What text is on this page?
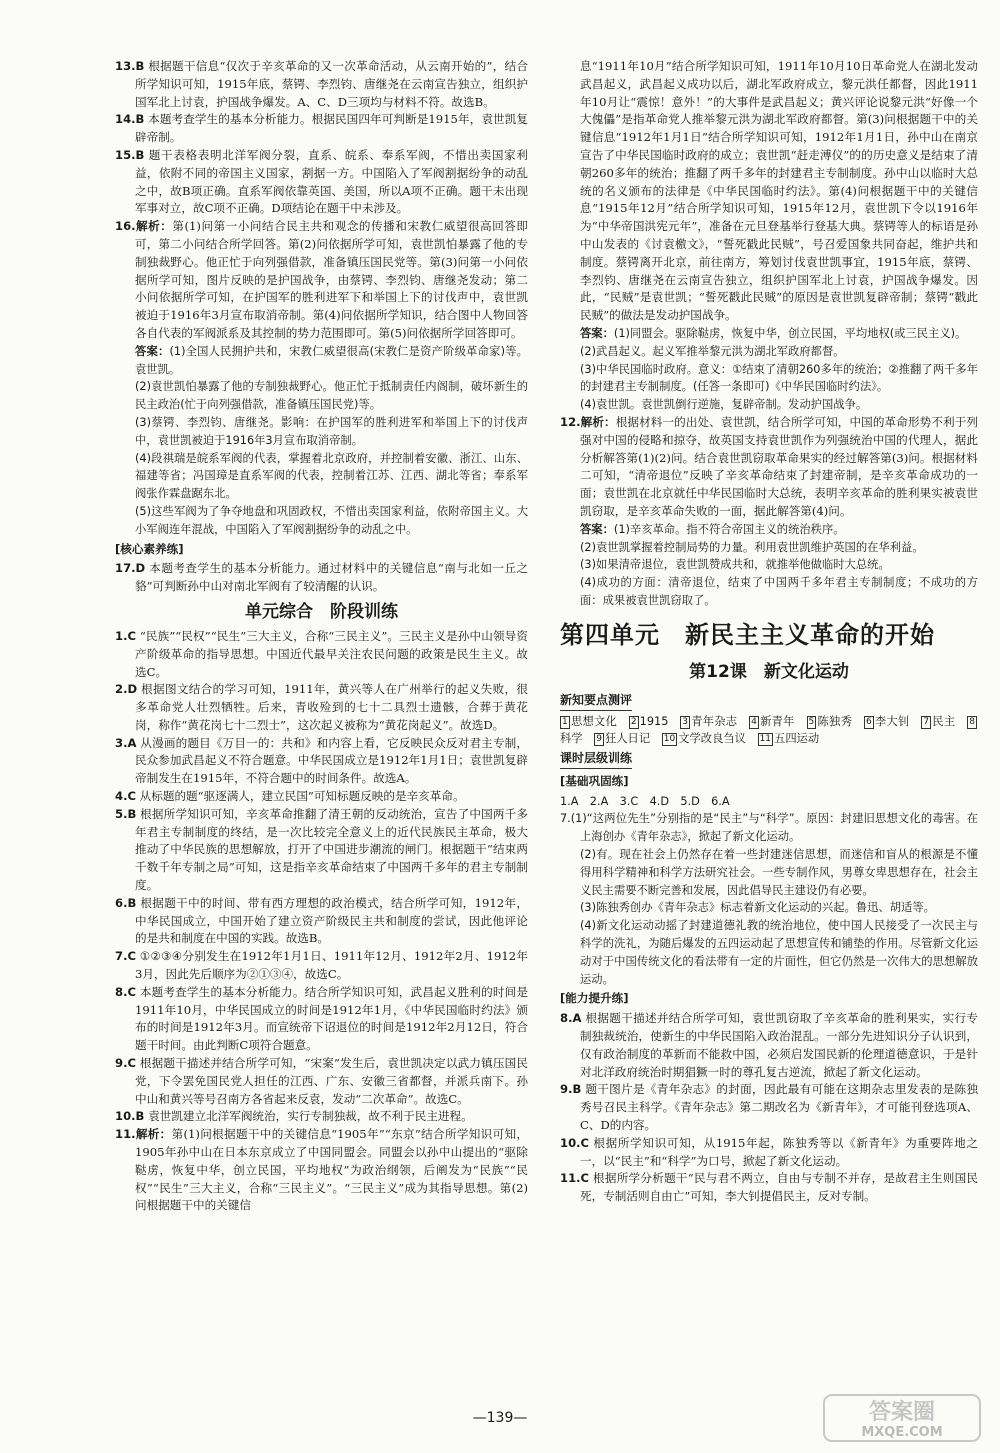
13.B 根据题干信息“仅次于辛亥革命的又一次革命活动，从云南开始的”，结合所学知识可知，1915年底，蔡锷、李烈钧、唐继尧在云南宣告独立，组织护国军北上讨袁，护国战争爆发。A、C、D三项均与材料不符。故选B。

14.B 本题考查学生的基本分析能力。根据民国四年可判断是1915年，袁世凯复辟帝制。

15.B 题干表格表明北洋军阀分裂，直系、皖系、奉系军阀，不惜出卖国家利益，依附不同的帝国主义国家，割据一方。中国陷入了军阀割据纷争的动乱之中，故B项正确。直系军阀依靠英国、美国，所以A项不正确。题干未出现军事对立，故C项不正确。D项结论在题干中未涉及。

16.解析：第(1)问第一小问结合民主共和观念的传播和宋教仁威望很高回答即可，第二小问结合所学回答。第(2)问依据所学可知，袁世凯怕暴露了他的专制独裁野心。他正忙于向列强借款，准备镇压国民党等。第(3)问第一小问依据所学可知，图片反映的是护国战争，由蔡锷、李烈钧、唐继尧发动；第二小问依据所学可知，在护国军的胜利进军下和举国上下的讨伐声中，袁世凯被迫于1916年3月宣布取消帝制。第(4)问依据所学知识，结合图中人物回答各自代表的军阀派系及其控制的势力范围即可。第(5)问依据所学回答即可。

答案：(1)全国人民拥护共和，宋教仁威望很高(宋教仁是资产阶级革命家)等。袁世凯。

(2)袁世凯怕暴露了他的专制独裁野心。他正忙于抵制责任内阁制，破坏新生的民主政治(忙于向列强借款，准备镇压国民党)等。

(3)蔡锷、李烈钧、唐继尧。影响：在护国军的胜利进军和举国上下的讨伐声中，袁世凯被迫于1916年3月宣布取消帝制。

(4)段祺瑞是皖系军阀的代表，掌握着北京政府，并控制着安徽、浙江、山东、福建等省；冯国璋是直系军阀的代表，控制着江苏、江西、湖北等省；奉系军阀张作霖盘踞东北。

(5)这些军阀为了争夺地盘和巩固政权，不惜出卖国家利益，依附帝国主义。大小军阀连年混战，中国陷入了军阀割据纷争的动乱之中。

[核心素养练]

17.D 本题考查学生的基本分析能力。通过材料中的关键信息“南与北如一丘之貉”可判断孙中山对南北军阀有了较清醒的认识。

单元综合　阶段训练

1.C “民族”“民权”“民生”三大主义，合称“三民主义”。三民主义是孙中山领导资产阶级革命的指导思想。中国近代最早关注农民问题的政策是民生主义。故选C。

2.D 根据图文结合的学习可知，1911年，黄兴等人在广州举行的起义失败，很多革命党人壮烈牺牲。后来，青收殓到的七十二具烈士遗骸，合葬于黄花岗，称作“黄花岗七十二烈士”，这次起义被称为“黄花岗起义”。故选D。

3.A 从漫画的题目《万目一的：共和》和内容上看，它反映民众反对君主专制，民众参加武昌起义不符合题意。中华民国成立是1912年1月1日；袁世凯复辟帝制发生在1915年，不符合题中的时间条件。故选A。

4.C 从标题的题“驱逐满人，建立民国”可知标题反映的是辛亥革命。

5.B 根据所学知识可知，辛亥革命推翻了清王朝的反动统治，宣告了中国两千多年君主专制制度的终结，是一次比较完全意义上的近代民族民主革命，极大推动了中华民族的思想解放，打开了中国进步潮流的闸门。根据题干“结束两千数千年专制之局”可知，这是指辛亥革命结束了中国两千多年的君主专制制度。

6.B 根据题干中的时间、带有西方理想的政治模式，结合所学可知，1912年，中华民国成立，中国开始了建立资产阶级民主共和制度的尝试，因此他评论的是共和制度在中国的实践。故选B。

7.C ①②③④分别发生在1912年1月1日、1911年12月、1912年2月、1912年3月，因此先后顺序为②①③④，故选C。

8.C 本题考查学生的基本分析能力。结合所学知识可知，武昌起义胜利的时间是1911年10月，中华民国成立的时间是1912年1月，《中华民国临时约法》颁布的时间是1912年3月。而宣统帝下诏退位的时间是1912年2月12日，符合题干时间。由此判断C项符合题意。

9.C 根据题干描述并结合所学可知，“宋案”发生后，袁世凯决定以武力镇压国民党，下令罢免国民党人担任的江西、广东、安徽三省都督，并派兵南下。孙中山和黄兴等号召南方各省起来反袁，发动“二次革命”。故选C。

10.B 袁世凯建立北洋军阀统治，实行专制独裁，故不利于民主进程。

11.解析：第(1)问根据题干中的关键信息“1905年”“东京”结合所学知识可知，1905年孙中山在日本东京成立了中国同盟会。同盟会以孙中山提出的“驱除鞑虏，恢复中华，创立民国，平均地权”为政治纲领，后阐发为“民族”“民权”“民生”三大主义，合称“三民主义”。“三民主义”成为其指导思想。第(2)问根据题干中的关键信

息“1911年10月”结合所学知识可知，1911年10月10日革命党人在湖北发动武昌起义，武昌起义成功以后，湖北军政府成立，黎元洪任都督，因此1911年10月让“震惊！意外！”的大事件是武昌起义；黄兴评论说黎元洪“好像一个大傀儡”是指革命党人推举黎元洪为湖北军政府都督。第(3)问根据题干中的关键信息“1912年1月1日”结合所学知识可知，1912年1月1日，孙中山在南京宣告了中华民国临时政府的成立；袁世凯“赶走溥仪”的的历史意义是结束了清朝260多年的统治；推翻了两千多年的封建君主专制制度。孙中山以临时大总统的名义颁布的法律是《中华民国临时约法》。第(4)问根据题干中的关键信息“1915年12月”结合所学知识可知，1915年12月，袁世凯下令以1916年为“中华帝国洪宪元年”，准备在元旦登基举行登基大典。蔡锷等人的标语是孙中山发表的《讨袁檄文》，“誓死戳此民贼”，号召爱国象共同奋起，维护共和制度。蔡锷离开北京，前往南方，筹划讨伐袁世凯事宜，1915年底，蔡锷、李烈钧、唐继尧在云南宣告独立，组织护国军北上讨袁，护国战争爆发。因此，“民贼”是袁世凯；“誓死戳此民贼”的原因是袁世凯复辟帝制；蔡锷“戳此民贼”的做法是发动护国战争。

答案：(1)同盟会。驱除鞑虏，恢复中华，创立民国，平均地权(或三民主义)。

(2)武昌起义。起义军推举黎元洪为湖北军政府都督。

(3)中华民国临时政府。意义：①结束了清朝260多年的统治；②推翻了两千多年的封建君主专制制度。(任答一条即可)《中华民国临时约法》。

(4)袁世凯。袁世凯倒行逆施，复辟帝制。发动护国战争。

12.解析：根据材料一的出处、袁世凯，结合所学可知，中国的革命形势不利于列强对中国的侵略和掠夺，故英国支持袁世凯作为列强统治中国的代理人，据此分析解答第(1)(2)问。结合袁世凯窃取革命果实的经过解答第(3)问。根据材料二可知，“清帝退位”反映了辛亥革命结束了封建帝制，是辛亥革命成功的一面；袁世凯在北京就任中华民国临时大总统，表明辛亥革命的胜利果实被袁世凯窃取，是辛亥革命失败的一面，据此解答第(4)问。

答案：(1)辛亥革命。指不符合帝国主义的统治秩序。

(2)袁世凯掌握着控制局势的力量。利用袁世凯维护英国的在华利益。

(3)如果清帝退位，袁世凯赞成共和，就推举他做临时大总统。

(4)成功的方面：清帝退位，结束了中国两千多年君主专制制度；不成功的方面：成果被袁世凯窃取了。

第四单元　新民主主义革命的开始
第12课　新文化运动
新知要点测评

1 思想文化 2 1915 3 青年杂志 4 新青年 5 陈独秀 6 李大钊 7 民主 8科学 9 狂人日记 10 文学改良刍议 11 五四运动

课时层级训练

[基础巩固练]

1.A　2.A　3.C　4.D　5.D　6.A

7.(1)“这两位先生”分别指的是“民主”与“科学”。原因：封建旧思想文化的毒害。在上海创办《青年杂志》，掀起了新文化运动。

(2)有。现在社会上仍然存在着一些封建迷信思想，而迷信和盲从的根源是不懂得用科学精神和科学方法研究社会。一些专制作风，男尊女卑思想存在，社会主义民主需要不断完善和发展，因此倡导民主建设仍有必要。

(3)陈独秀创办《青年杂志》标志着新文化运动的兴起。鲁迅、胡适等。

(4)新文化运动动摇了封建道德礼教的统治地位，使中国人民接受了一次民主与科学的洗礼，为随后爆发的五四运动起了思想宣传和铺垫的作用。尽管新文化运动对于中国传统文化的看法带有一定的片面性，但它仍然是一次伟大的思想解放运动。

[能力提升练]

8.A 根据题干描述并结合所学可知，袁世凯窃取了辛亥革命的胜利果实，实行专制独裁统治，使新生的中华民国陷入政治混乱。一部分先进知识分子认识到，仅有政治制度的革新而不能救中国，必须启发国民新的伦理道德意识，于是针对北洋政府统治时期猖獗一时的尊孔复古逆流，掀起了新文化运动。

9.B 题干图片是《青年杂志》的封面，因此最有可能在这期杂志里发表的是陈独秀号召民主科学。《青年杂志》第二期改名为《新青年》，才可能刊登选项A、C、D的内容。

10.C 根据所学知识可知，从1915年起，陈独秀等以《新青年》为重要阵地之一，以“民主”和“科学”为口号，掀起了新文化运动。

11.C 根据所学分析题干“民与君不两立，自由与专制不并存，是故君主生则国民死，专制活则自由亡”可知，李大钊提倡民主，反对专制。

—139—	答案圈
MXQE.COM
